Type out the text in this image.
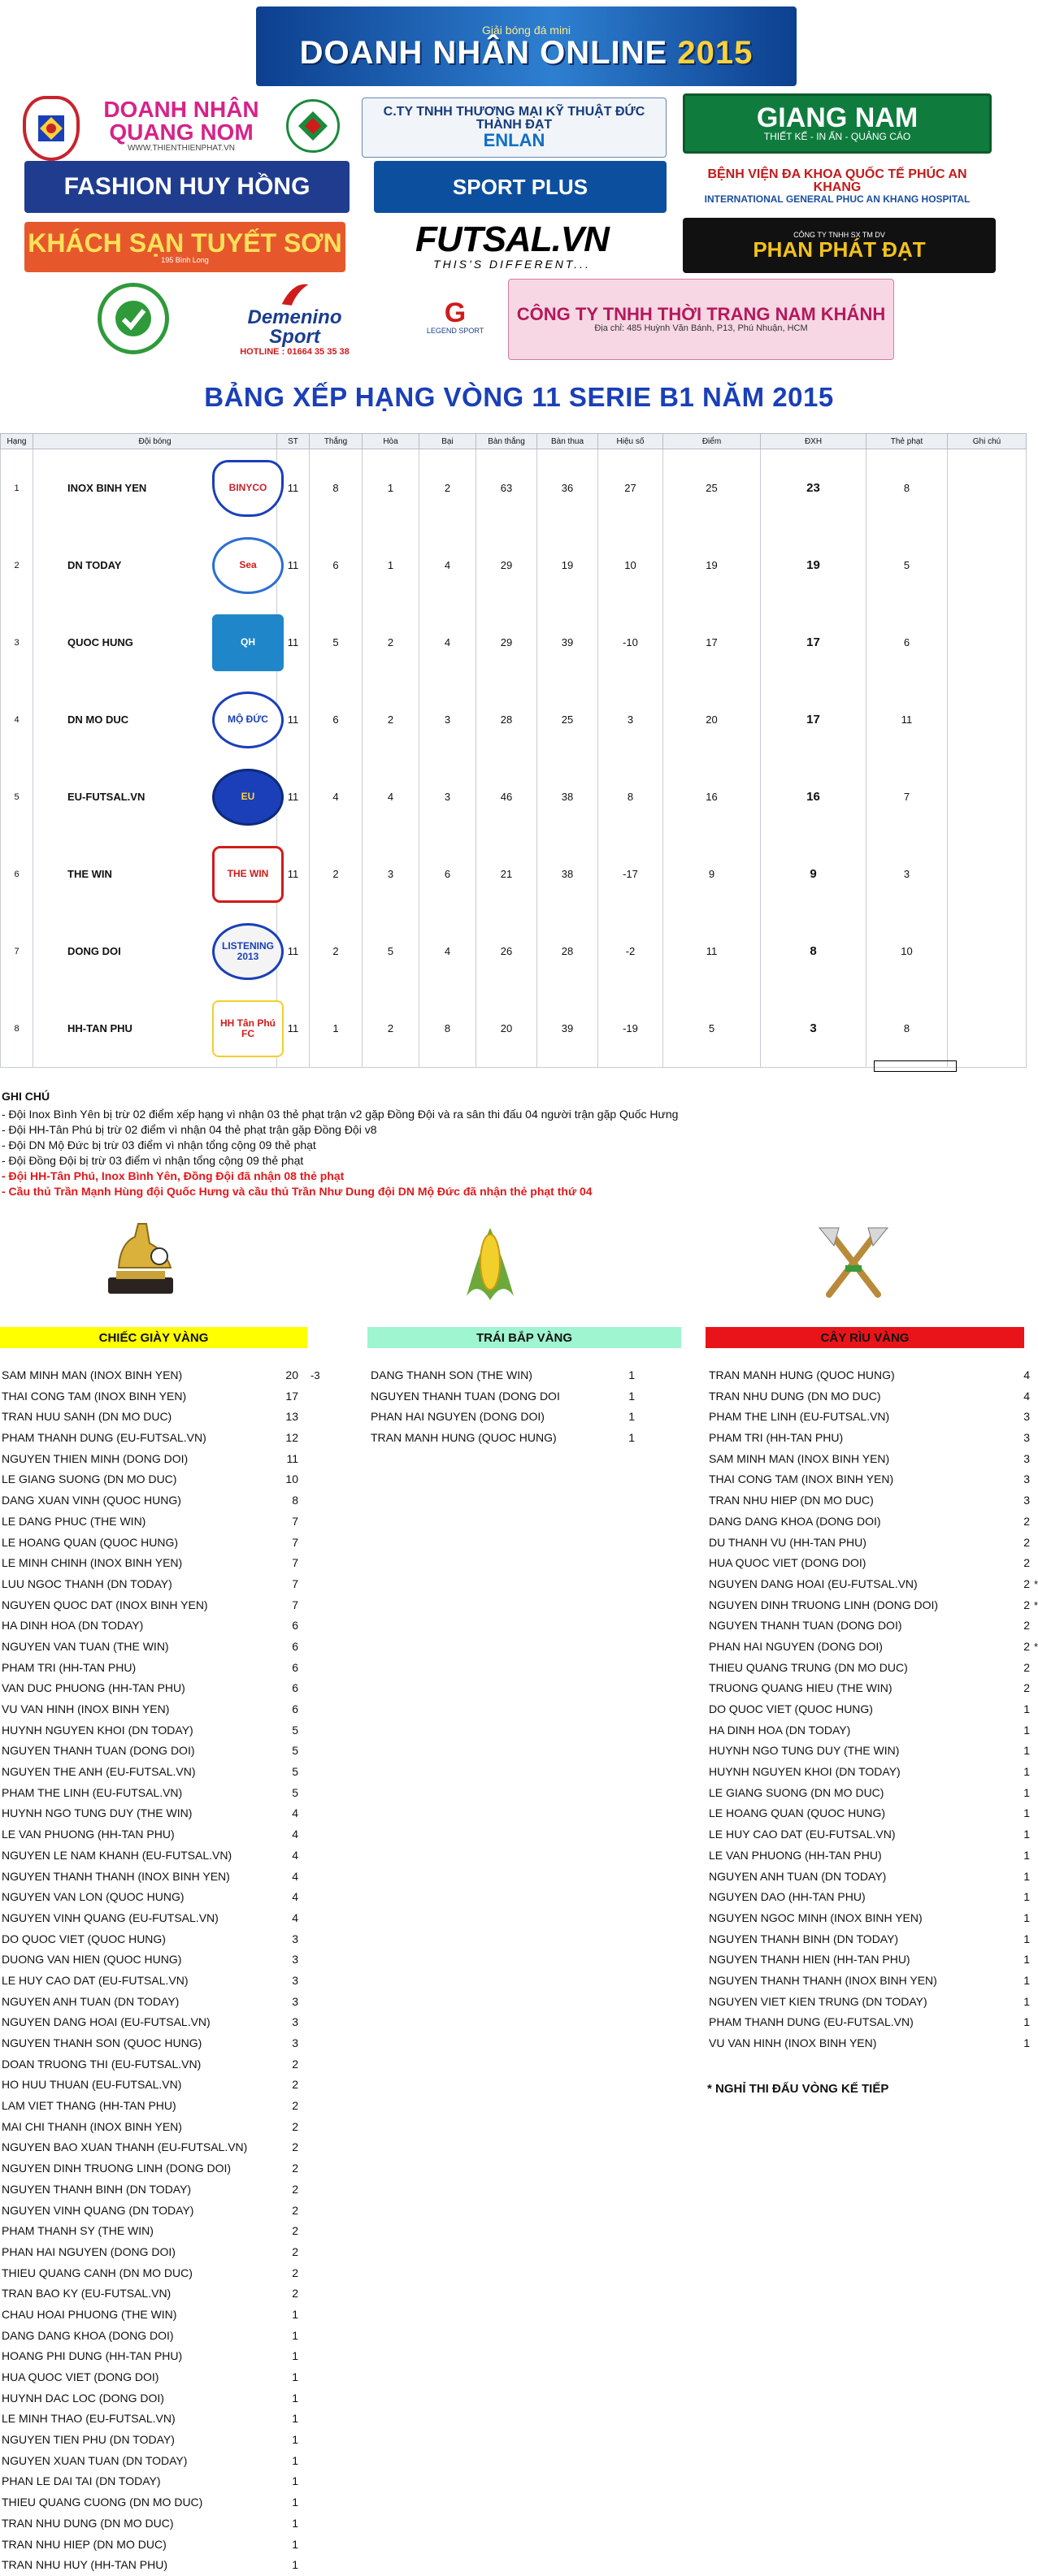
Giải bóng đá mini
DOANH NHÂN ONLINE 2015
DOANH NHÂN
QUANG NOM
WWW.THIENTHIENPHAT.VN
C.TY TNHH THƯƠNG MẠI KỸ THUẬT ĐỨC THÀNH ĐẠT
ENLAN
GIANG NAM
THIẾT KẾ - IN ẤN - QUẢNG CÁO
FASHION HUY HỒNG	SPORT PLUS
BỆNH VIỆN ĐA KHOA QUỐC TẾ PHÚC AN KHANG
INTERNATIONAL GENERAL PHUC AN KHANG HOSPITAL
KHÁCH SẠN TUYẾT SƠN
195 Bình Long
FUTSAL.VN
THIS'S DIFFERENT...
CÔNG TY TNHH SX TM DV
PHAN PHÁT ĐẠT
Demenino Sport
HOTLINE : 01664 35 35 38
G
LEGEND SPORT
CÔNG TY TNHH THỜI TRANG NAM KHÁNH
Địa chỉ: 485 Huỳnh Văn Bánh, P13, Phú Nhuận, HCM
BẢNG XẾP HẠNG VÒNG 11 SERIE B1 NĂM 2015
Hạng	Đội bóng	ST	Thắng	Hòa	Bại	Bàn thắng	Bàn thua	Hiệu số	Điểm	ĐXH	Thẻ phạt	Ghi chú
1	INOX BINH YEN BINYCO	11	8	1	2	63	36	27	25	23	8	
2	DN TODAY Sea	11	6	1	4	29	19	10	19	19	5	
3	QUOC HUNG QH	11	5	2	4	29	39	-10	17	17	6	
4	DN MO DUC MỘ ĐỨC	11	6	2	3	28	25	3	20	17	11	
5	EU-FUTSAL.VN EU	11	4	4	3	46	38	8	16	16	7	
6	THE WIN THE WIN	11	2	3	6	21	38	-17	9	9	3	
7	DONG DOI LISTENING 2013	11	2	5	4	26	28	-2	11	8	10	
8	HH-TAN PHU HH Tân Phú FC	11	1	2	8	20	39	-19	5	3	8	
GHI CHÚ
- Đội Inox Bình Yên bị trừ 02 điểm xếp hạng vì nhận 03 thẻ phạt trận v2 gặp Đồng Đội và ra sân thi đấu 04 người trận gặp Quốc Hưng
- Đội HH-Tân Phú bị trừ 02 điểm vì nhận 04 thẻ phạt trận gặp Đồng Đội v8
- Đội DN Mộ Đức bị trừ 03 điểm vì nhận tổng cộng 09 thẻ phạt
- Đội Đồng Đội bị trừ 03 điểm vì nhận tổng cộng 09 thẻ phạt
- Đội HH-Tân Phú, Inox Bình Yên, Đồng Đội đã nhận 08 thẻ phạt
- Cầu thủ Trần Mạnh Hùng đội Quốc Hưng và cầu thủ Trần Như Dung đội DN Mộ Đức đã nhận thẻ phạt thứ 04
CHIẾC GIÀY VÀNG	TRÁI BẮP VÀNG	CÂY RÌU VÀNG
SAM MINH MAN (INOX BINH YEN)	20 -3
THAI CONG TAM (INOX BINH YEN)	17
TRAN HUU SANH (DN MO DUC)	13
PHAM THANH DUNG (EU-FUTSAL.VN)	12
NGUYEN THIEN MINH (DONG DOI)	11
LE GIANG SUONG (DN MO DUC)	10
DANG XUAN VINH (QUOC HUNG)	8
LE DANG PHUC (THE WIN)	7
LE HOANG QUAN (QUOC HUNG)	7
LE MINH CHINH (INOX BINH YEN)	7
LUU NGOC THANH (DN TODAY)	7
NGUYEN QUOC DAT (INOX BINH YEN)	7
HA DINH HOA (DN TODAY)	6
NGUYEN VAN TUAN (THE WIN)	6
PHAM TRI (HH-TAN PHU)	6
VAN DUC PHUONG (HH-TAN PHU)	6
VU VAN HINH (INOX BINH YEN)	6
HUYNH NGUYEN KHOI (DN TODAY)	5
NGUYEN THANH TUAN (DONG DOI)	5
NGUYEN THE ANH (EU-FUTSAL.VN)	5
PHAM THE LINH (EU-FUTSAL.VN)	5
HUYNH NGO TUNG DUY (THE WIN)	4
LE VAN PHUONG (HH-TAN PHU)	4
NGUYEN LE NAM KHANH (EU-FUTSAL.VN)	4
NGUYEN THANH THANH (INOX BINH YEN)	4
NGUYEN VAN LON (QUOC HUNG)	4
NGUYEN VINH QUANG (EU-FUTSAL.VN)	4
DO QUOC VIET (QUOC HUNG)	3
DUONG VAN HIEN (QUOC HUNG)	3
LE HUY CAO DAT (EU-FUTSAL.VN)	3
NGUYEN ANH TUAN (DN TODAY)	3
NGUYEN DANG HOAI (EU-FUTSAL.VN)	3
NGUYEN THANH SON (QUOC HUNG)	3
DOAN TRUONG THI (EU-FUTSAL.VN)	2
HO HUU THUAN (EU-FUTSAL.VN)	2
LAM VIET THANG (HH-TAN PHU)	2
MAI CHI THANH (INOX BINH YEN)	2
NGUYEN BAO XUAN THANH (EU-FUTSAL.VN)	2
NGUYEN DINH TRUONG LINH (DONG DOI)	2
NGUYEN THANH BINH (DN TODAY)	2
NGUYEN VINH QUANG (DN TODAY)	2
PHAM THANH SY (THE WIN)	2
PHAN HAI NGUYEN (DONG DOI)	2
THIEU QUANG CANH (DN MO DUC)	2
TRAN BAO KY (EU-FUTSAL.VN)	2
CHAU HOAI PHUONG (THE WIN)	1
DANG DANG KHOA (DONG DOI)	1
HOANG PHI DUNG (HH-TAN PHU)	1
HUA QUOC VIET (DONG DOI)	1
HUYNH DAC LOC (DONG DOI)	1
LE MINH THAO (EU-FUTSAL.VN)	1
NGUYEN TIEN PHU (DN TODAY)	1
NGUYEN XUAN TUAN (DN TODAY)	1
PHAN LE DAI TAI (DN TODAY)	1
THIEU QUANG CUONG (DN MO DUC)	1
TRAN NHU DUNG (DN MO DUC)	1
TRAN NHU HIEP (DN MO DUC)	1
TRAN NHU HUY (HH-TAN PHU)	1
DANG THANH SON (THE WIN)	1
NGUYEN THANH TUAN (DONG DOI	1
PHAN HAI NGUYEN (DONG DOI)	1
TRAN MANH HUNG (QUOC HUNG)	1
TRAN MANH HUNG (QUOC HUNG)	4
TRAN NHU DUNG (DN MO DUC)	4
PHAM THE LINH (EU-FUTSAL.VN)	3
PHAM TRI (HH-TAN PHU)	3
SAM MINH MAN (INOX BINH YEN)	3
THAI CONG TAM (INOX BINH YEN)	3
TRAN NHU HIEP (DN MO DUC)	3
DANG DANG KHOA (DONG DOI)	2
DU THANH VU (HH-TAN PHU)	2
HUA QUOC VIET (DONG DOI)	2
NGUYEN DANG HOAI (EU-FUTSAL.VN)	2 *
NGUYEN DINH TRUONG LINH (DONG DOI)	2 *
NGUYEN THANH TUAN (DONG DOI)	2
PHAN HAI NGUYEN (DONG DOI)	2 *
THIEU QUANG TRUNG (DN MO DUC)	2
TRUONG QUANG HIEU (THE WIN)	2
DO QUOC VIET (QUOC HUNG)	1
HA DINH HOA (DN TODAY)	1
HUYNH NGO TUNG DUY (THE WIN)	1
HUYNH NGUYEN KHOI (DN TODAY)	1
LE GIANG SUONG (DN MO DUC)	1
LE HOANG QUAN (QUOC HUNG)	1
LE HUY CAO DAT (EU-FUTSAL.VN)	1
LE VAN PHUONG (HH-TAN PHU)	1
NGUYEN ANH TUAN (DN TODAY)	1
NGUYEN DAO (HH-TAN PHU)	1
NGUYEN NGOC MINH (INOX BINH YEN)	1
NGUYEN THANH BINH (DN TODAY)	1
NGUYEN THANH HIEN (HH-TAN PHU)	1
NGUYEN THANH THANH (INOX BINH YEN)	1
NGUYEN VIET KIEN TRUNG (DN TODAY)	1
PHAM THANH DUNG (EU-FUTSAL.VN)	1
VU VAN HINH (INOX BINH YEN)	1
* NGHỈ THI ĐẤU VÒNG KẾ TIẾP
